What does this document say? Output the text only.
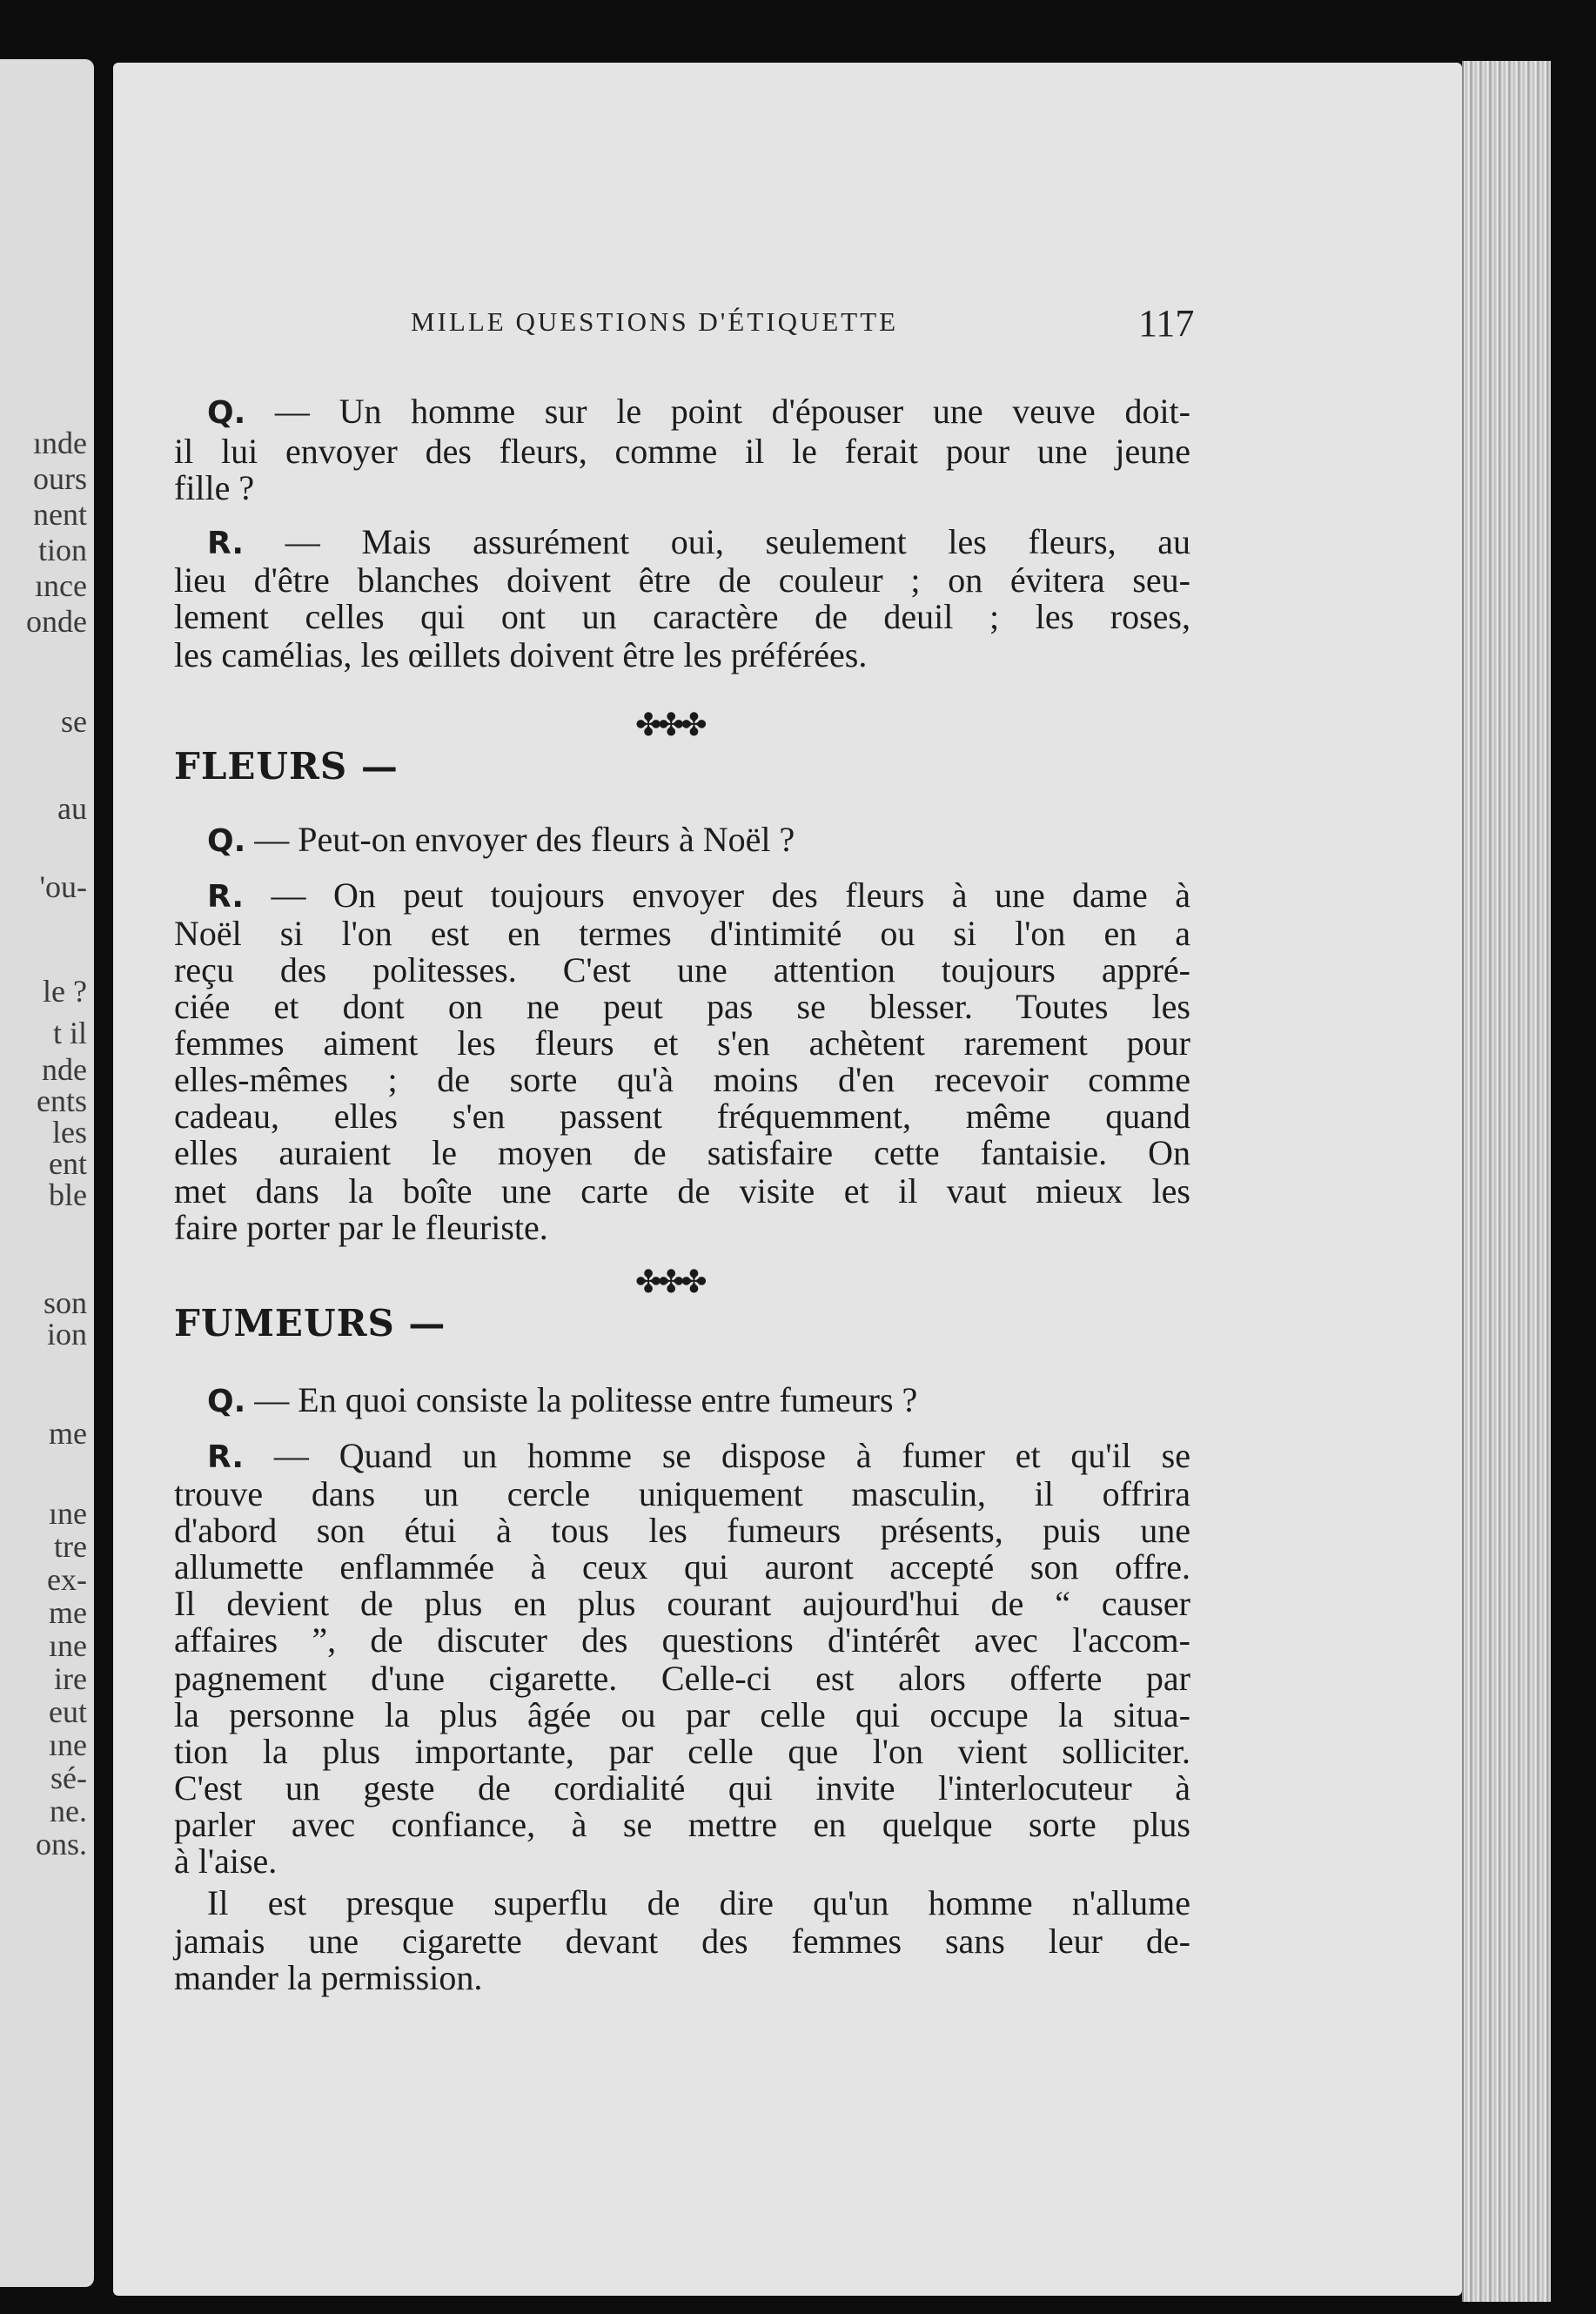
ınde
ours
nent
tion
ınce
onde
se
au
'ou-
le ?
t il
nde
ents
les
ent
ble
son
ion
me
ıne
tre
ex-
me
ıne
ire
eut
ıne
sé-
ne.
ons.
MILLE QUESTIONS D'ÉTIQUETTE	117
Q. — Un homme sur le point d'épouser une veuve doit-
il lui envoyer des fleurs, comme il le ferait pour une jeune
fille ?
R. — Mais assurément oui, seulement les fleurs, au
lieu d'être blanches doivent être de couleur ; on évitera seu-
lement celles qui ont un caractère de deuil ; les roses,
les camélias, les œillets doivent être les préférées.
✤✤✤
FLEURS —
Q. — Peut-on envoyer des fleurs à Noël ?
R. — On peut toujours envoyer des fleurs à une dame à
Noël si l'on est en termes d'intimité ou si l'on en a
reçu des politesses. C'est une attention toujours appré-
ciée et dont on ne peut pas se blesser. Toutes les
femmes aiment les fleurs et s'en achètent rarement pour
elles-mêmes ; de sorte qu'à moins d'en recevoir comme
cadeau, elles s'en passent fréquemment, même quand
elles auraient le moyen de satisfaire cette fantaisie. On
met dans la boîte une carte de visite et il vaut mieux les
faire porter par le fleuriste.
✤✤✤
FUMEURS —
Q. — En quoi consiste la politesse entre fumeurs ?
R. — Quand un homme se dispose à fumer et qu'il se
trouve dans un cercle uniquement masculin, il offrira
d'abord son étui à tous les fumeurs présents, puis une
allumette enflammée à ceux qui auront accepté son offre.
Il devient de plus en plus courant aujourd'hui de “ causer
affaires ”, de discuter des questions d'intérêt avec l'accom-
pagnement d'une cigarette. Celle-ci est alors offerte par
la personne la plus âgée ou par celle qui occupe la situa-
tion la plus importante, par celle que l'on vient solliciter.
C'est un geste de cordialité qui invite l'interlocuteur à
parler avec confiance, à se mettre en quelque sorte plus
à l'aise.
Il est presque superflu de dire qu'un homme n'allume
jamais une cigarette devant des femmes sans leur de-
mander la permission.
